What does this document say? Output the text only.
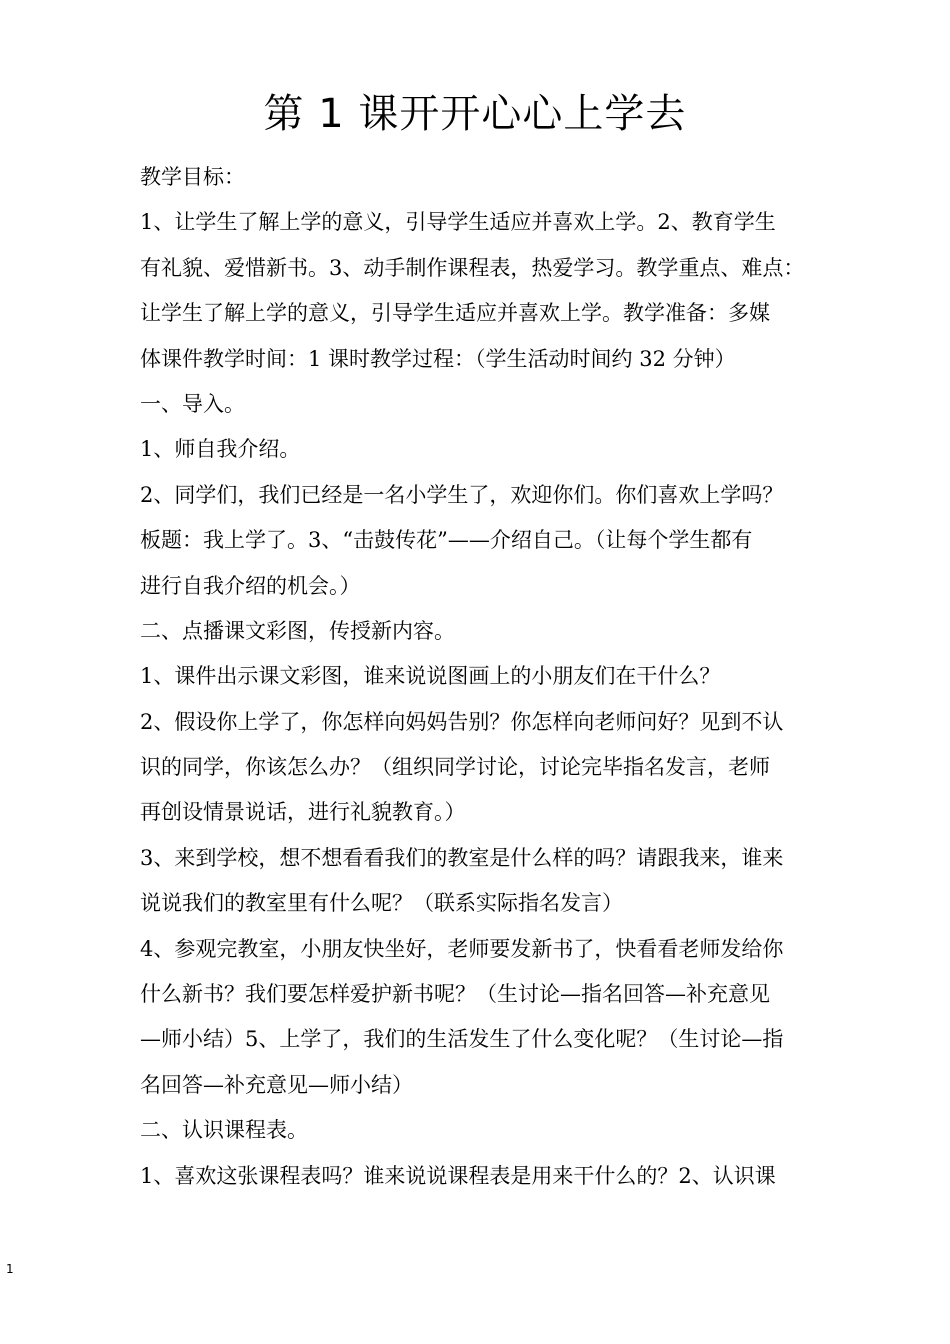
第 1 课开开心心上学去
教学目标：
1、让学生了解上学的意义，引导学生适应并喜欢上学。2、教育学生
有礼貌、爱惜新书。3、动手制作课程表，热爱学习。教学重点、难点：
让学生了解上学的意义，引导学生适应并喜欢上学。教学准备：多媒
体课件教学时间：1 课时教学过程：（学生活动时间约 32 分钟）
一、导入。
1、师自我介绍。
2、同学们，我们已经是一名小学生了，欢迎你们。你们喜欢上学吗？
板题：我上学了。3、“击鼓传花”——介绍自己。（让每个学生都有
进行自我介绍的机会。）
二、点播课文彩图，传授新内容。
1、课件出示课文彩图，谁来说说图画上的小朋友们在干什么？
2、假设你上学了，你怎样向妈妈告别？你怎样向老师问好？见到不认
识的同学，你该怎么办？（组织同学讨论，讨论完毕指名发言，老师
再创设情景说话，进行礼貌教育。）
3、来到学校，想不想看看我们的教室是什么样的吗？请跟我来，谁来
说说我们的教室里有什么呢？（联系实际指名发言）
4、参观完教室，小朋友快坐好，老师要发新书了，快看看老师发给你
什么新书？我们要怎样爱护新书呢？（生讨论—指名回答—补充意见
—师小结）5、上学了，我们的生活发生了什么变化呢？（生讨论—指
名回答—补充意见—师小结）
二、认识课程表。
1、喜欢这张课程表吗？谁来说说课程表是用来干什么的？2、认识课
1
